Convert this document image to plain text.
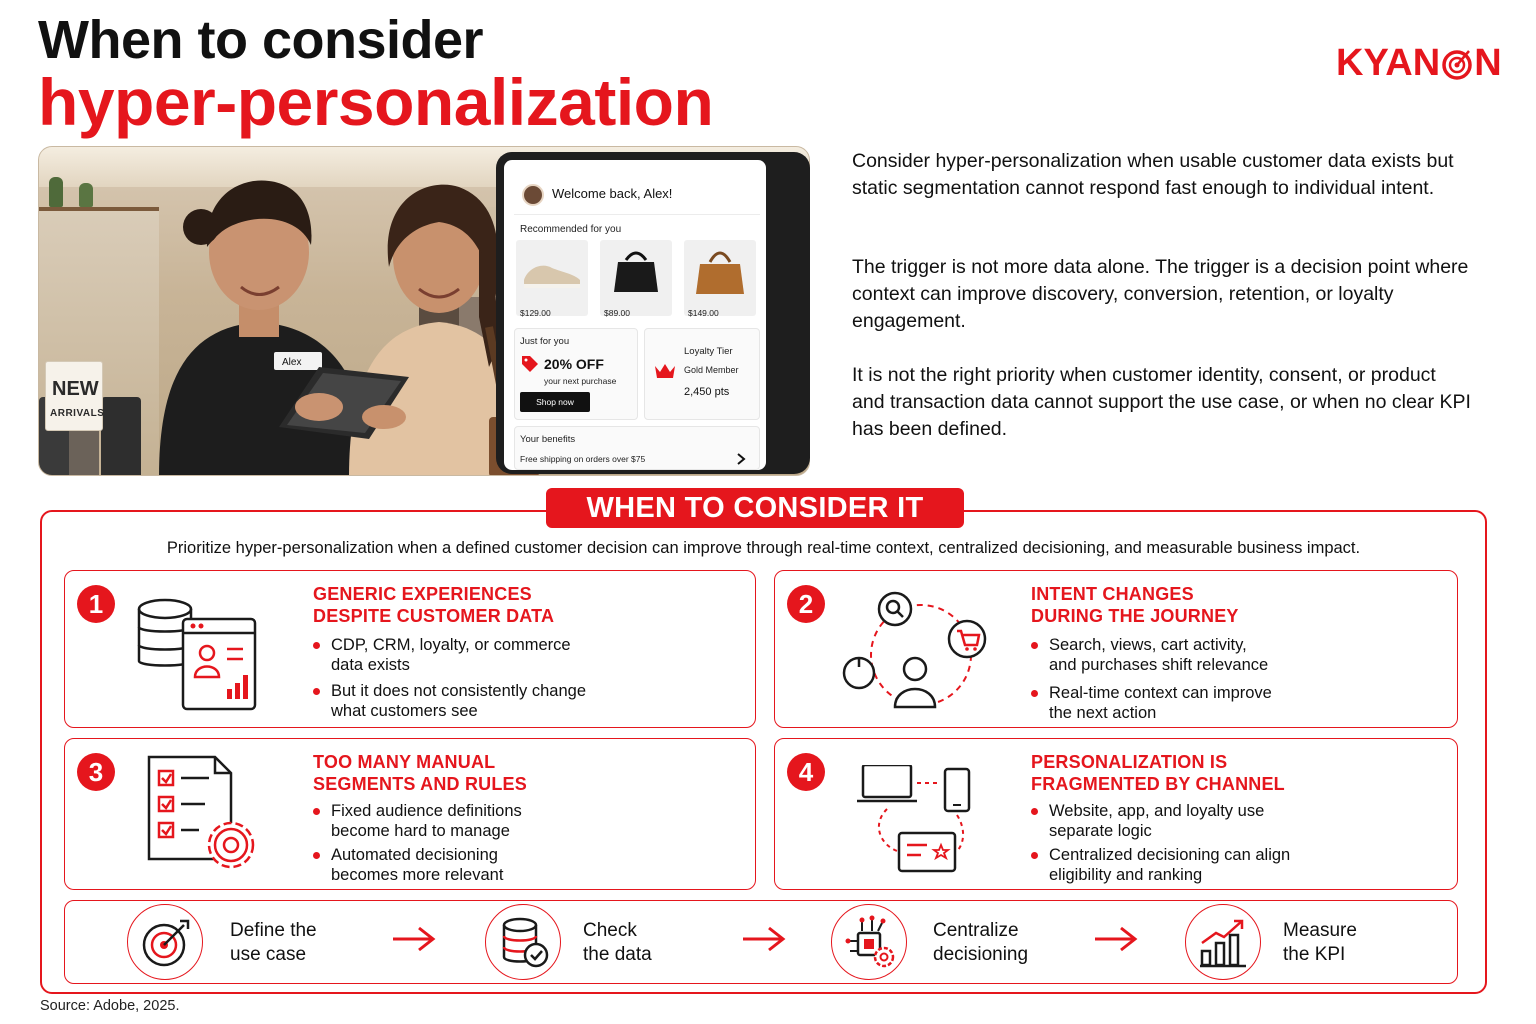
When to consider
hyper-personalization
KYAN N
NEW
ARRIVALS
Alex
Welcome back, Alex!
Recommended for you
$129.00	$89.00	$149.00
Just for you
20% OFF
your next purchase
Shop now
Loyalty Tier
Gold Member
2,450 pts
Your benefits
Free shipping on orders over $75
Consider hyper-personalization when usable customer data exists but static segmentation cannot respond fast enough to individual intent.
The trigger is not more data alone. The trigger is a decision point where context can improve discovery, conversion, retention, or loyalty engagement.
It is not the right priority when customer identity, consent, or product and transaction data cannot support the use case, or when no clear KPI has been defined.
WHEN TO CONSIDER IT
Prioritize hyper-personalization when a defined customer decision can improve through real-time context, centralized decisioning, and measurable business impact.
1	GENERIC EXPERIENCES
DESPITE CUSTOMER DATA
CDP, CRM, loyalty, or commerce
data exists
But it does not consistently change
what customers see
2	INTENT CHANGES
DURING THE JOURNEY
Search, views, cart activity,
and purchases shift relevance
Real-time context can improve
the next action
3	TOO MANY MANUAL
SEGMENTS AND RULES
Fixed audience definitions
become hard to manage
Automated decisioning
becomes more relevant
4	PERSONALIZATION IS
FRAGMENTED BY CHANNEL
Website, app, and loyalty use
separate logic
Centralized decisioning can align
eligibility and ranking
Define the
use case
Check
the data
Centralize
decisioning
Measure
the KPI
Source: Adobe, 2025.
